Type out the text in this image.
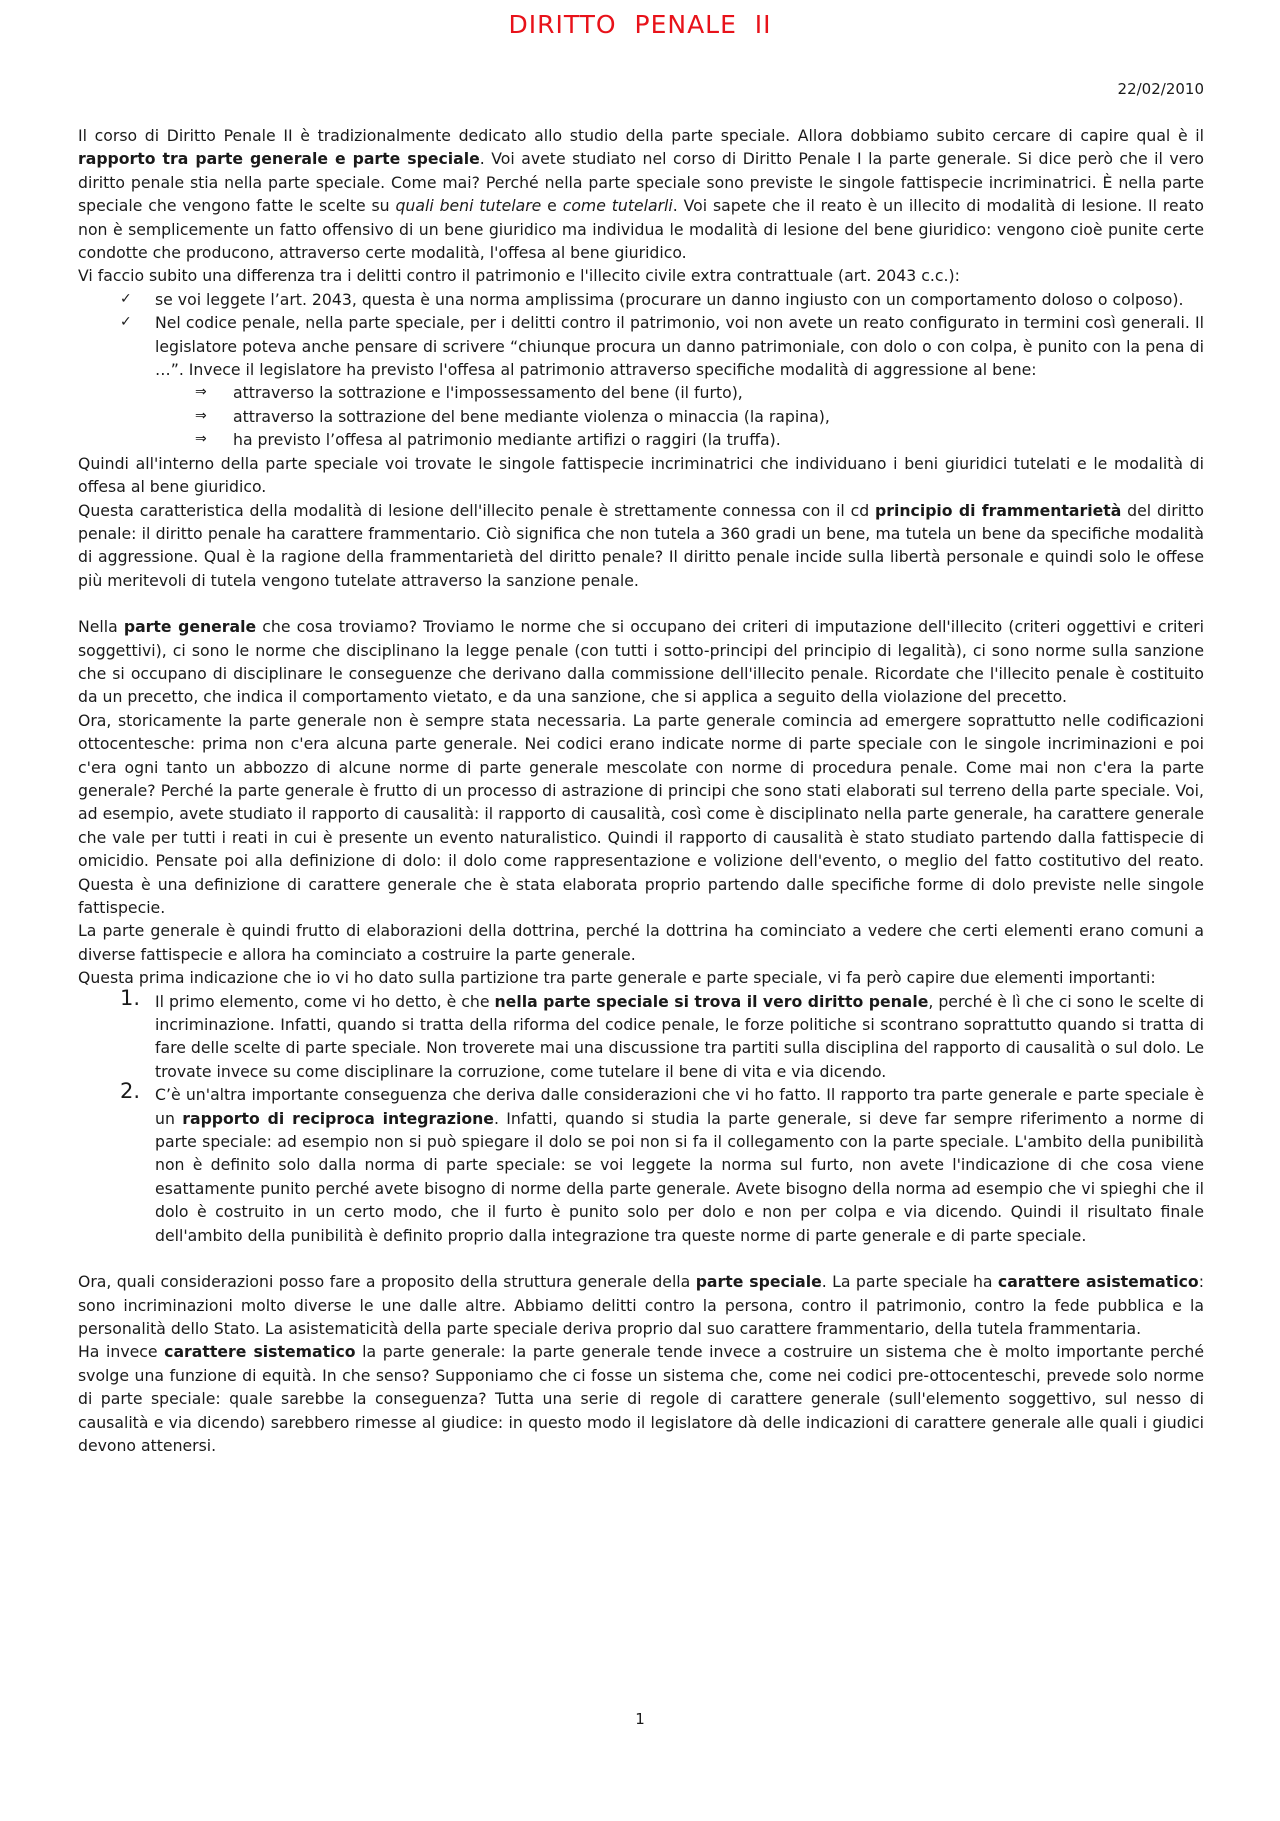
DIRITTO  PENALE  II
22/02/2010

Il corso di Diritto Penale II è tradizionalmente dedicato allo studio della parte speciale. Allora dobbiamo subito cercare di capire qual è il rapporto tra parte generale e parte speciale. Voi avete studiato nel corso di Diritto Penale I la parte generale. Si dice però che il vero diritto penale stia nella parte speciale. Come mai? Perché nella parte speciale sono previste le singole fattispecie incriminatrici. È nella parte speciale che vengono fatte le scelte su quali beni tutelare e come tutelarli. Voi sapete che il reato è un illecito di modalità di lesione. Il reato non è semplicemente un fatto offensivo di un bene giuridico ma individua le modalità di lesione del bene giuridico: vengono cioè punite certe condotte che producono, attraverso certe modalità, l'offesa al bene giuridico.

Vi faccio subito una differenza tra i delitti contro il patrimonio e l'illecito civile extra contrattuale (art. 2043 c.c.):

✓ se voi leggete l’art. 2043, questa è una norma amplissima (procurare un danno ingiusto con un comportamento doloso o colposo).
✓ Nel codice penale, nella parte speciale, per i delitti contro il patrimonio, voi non avete un reato configurato in termini così generali. Il legislatore poteva anche pensare di scrivere “chiunque procura un danno patrimoniale, con dolo o con colpa, è punito con la pena di …”. Invece il legislatore ha previsto l'offesa al patrimonio attraverso specifiche modalità di aggressione al bene:
⇒ attraverso la sottrazione e l'impossessamento del bene (il furto),
⇒ attraverso la sottrazione del bene mediante violenza o minaccia (la rapina),
⇒ ha previsto l’offesa al patrimonio mediante artifizi o raggiri (la truffa).

Quindi all'interno della parte speciale voi trovate le singole fattispecie incriminatrici che individuano i beni giuridici tutelati e le modalità di offesa al bene giuridico.

Questa caratteristica della modalità di lesione dell'illecito penale è strettamente connessa con il cd principio di frammentarietà del diritto penale: il diritto penale ha carattere frammentario. Ciò significa che non tutela a 360 gradi un bene, ma tutela un bene da specifiche modalità di aggressione. Qual è la ragione della frammentarietà del diritto penale? Il diritto penale incide sulla libertà personale e quindi solo le offese più meritevoli di tutela vengono tutelate attraverso la sanzione penale.

Nella parte generale che cosa troviamo? Troviamo le norme che si occupano dei criteri di imputazione dell'illecito (criteri oggettivi e criteri soggettivi), ci sono le norme che disciplinano la legge penale (con tutti i sotto-principi del principio di legalità), ci sono norme sulla sanzione che si occupano di disciplinare le conseguenze che derivano dalla commissione dell'illecito penale. Ricordate che l'illecito penale è costituito da un precetto, che indica il comportamento vietato, e da una sanzione, che si applica a seguito della violazione del precetto.

Ora, storicamente la parte generale non è sempre stata necessaria. La parte generale comincia ad emergere soprattutto nelle codificazioni ottocentesche: prima non c'era alcuna parte generale. Nei codici erano indicate norme di parte speciale con le singole incriminazioni e poi c'era ogni tanto un abbozzo di alcune norme di parte generale mescolate con norme di procedura penale. Come mai non c'era la parte generale? Perché la parte generale è frutto di un processo di astrazione di principi che sono stati elaborati sul terreno della parte speciale. Voi, ad esempio, avete studiato il rapporto di causalità: il rapporto di causalità, così come è disciplinato nella parte generale, ha carattere generale che vale per tutti i reati in cui è presente un evento naturalistico. Quindi il rapporto di causalità è stato studiato partendo dalla fattispecie di omicidio. Pensate poi alla definizione di dolo: il dolo come rappresentazione e volizione dell'evento, o meglio del fatto costitutivo del reato. Questa è una definizione di carattere generale che è stata elaborata proprio partendo dalle specifiche forme di dolo previste nelle singole fattispecie.

La parte generale è quindi frutto di elaborazioni della dottrina, perché la dottrina ha cominciato a vedere che certi elementi erano comuni a diverse fattispecie e allora ha cominciato a costruire la parte generale.

Questa prima indicazione che io vi ho dato sulla partizione tra parte generale e parte speciale, vi fa però capire due elementi importanti:

1. Il primo elemento, come vi ho detto, è che nella parte speciale si trova il vero diritto penale, perché è lì che ci sono le scelte di incriminazione. Infatti, quando si tratta della riforma del codice penale, le forze politiche si scontrano soprattutto quando si tratta di fare delle scelte di parte speciale. Non troverete mai una discussione tra partiti sulla disciplina del rapporto di causalità o sul dolo. Le trovate invece su come disciplinare la corruzione, come tutelare il bene di vita e via dicendo.
2. C’è un'altra importante conseguenza che deriva dalle considerazioni che vi ho fatto. Il rapporto tra parte generale e parte speciale è un rapporto di reciproca integrazione. Infatti, quando si studia la parte generale, si deve far sempre riferimento a norme di parte speciale: ad esempio non si può spiegare il dolo se poi non si fa il collegamento con la parte speciale. L'ambito della punibilità non è definito solo dalla norma di parte speciale: se voi leggete la norma sul furto, non avete l'indicazione di che cosa viene esattamente punito perché avete bisogno di norme della parte generale. Avete bisogno della norma ad esempio che vi spieghi che il dolo è costruito in un certo modo, che il furto è punito solo per dolo e non per colpa e via dicendo. Quindi il risultato finale dell'ambito della punibilità è definito proprio dalla integrazione tra queste norme di parte generale e di parte speciale.

Ora, quali considerazioni posso fare a proposito della struttura generale della parte speciale. La parte speciale ha carattere asistematico: sono incriminazioni molto diverse le une dalle altre. Abbiamo delitti contro la persona, contro il patrimonio, contro la fede pubblica e la personalità dello Stato. La asistematicità della parte speciale deriva proprio dal suo carattere frammentario, della tutela frammentaria.

Ha invece carattere sistematico la parte generale: la parte generale tende invece a costruire un sistema che è molto importante perché svolge una funzione di equità. In che senso? Supponiamo che ci fosse un sistema che, come nei codici pre-ottocenteschi, prevede solo norme di parte speciale: quale sarebbe la conseguenza? Tutta una serie di regole di carattere generale (sull'elemento soggettivo, sul nesso di causalità e via dicendo) sarebbero rimesse al giudice: in questo modo il legislatore dà delle indicazioni di carattere generale alle quali i giudici devono attenersi.

1
